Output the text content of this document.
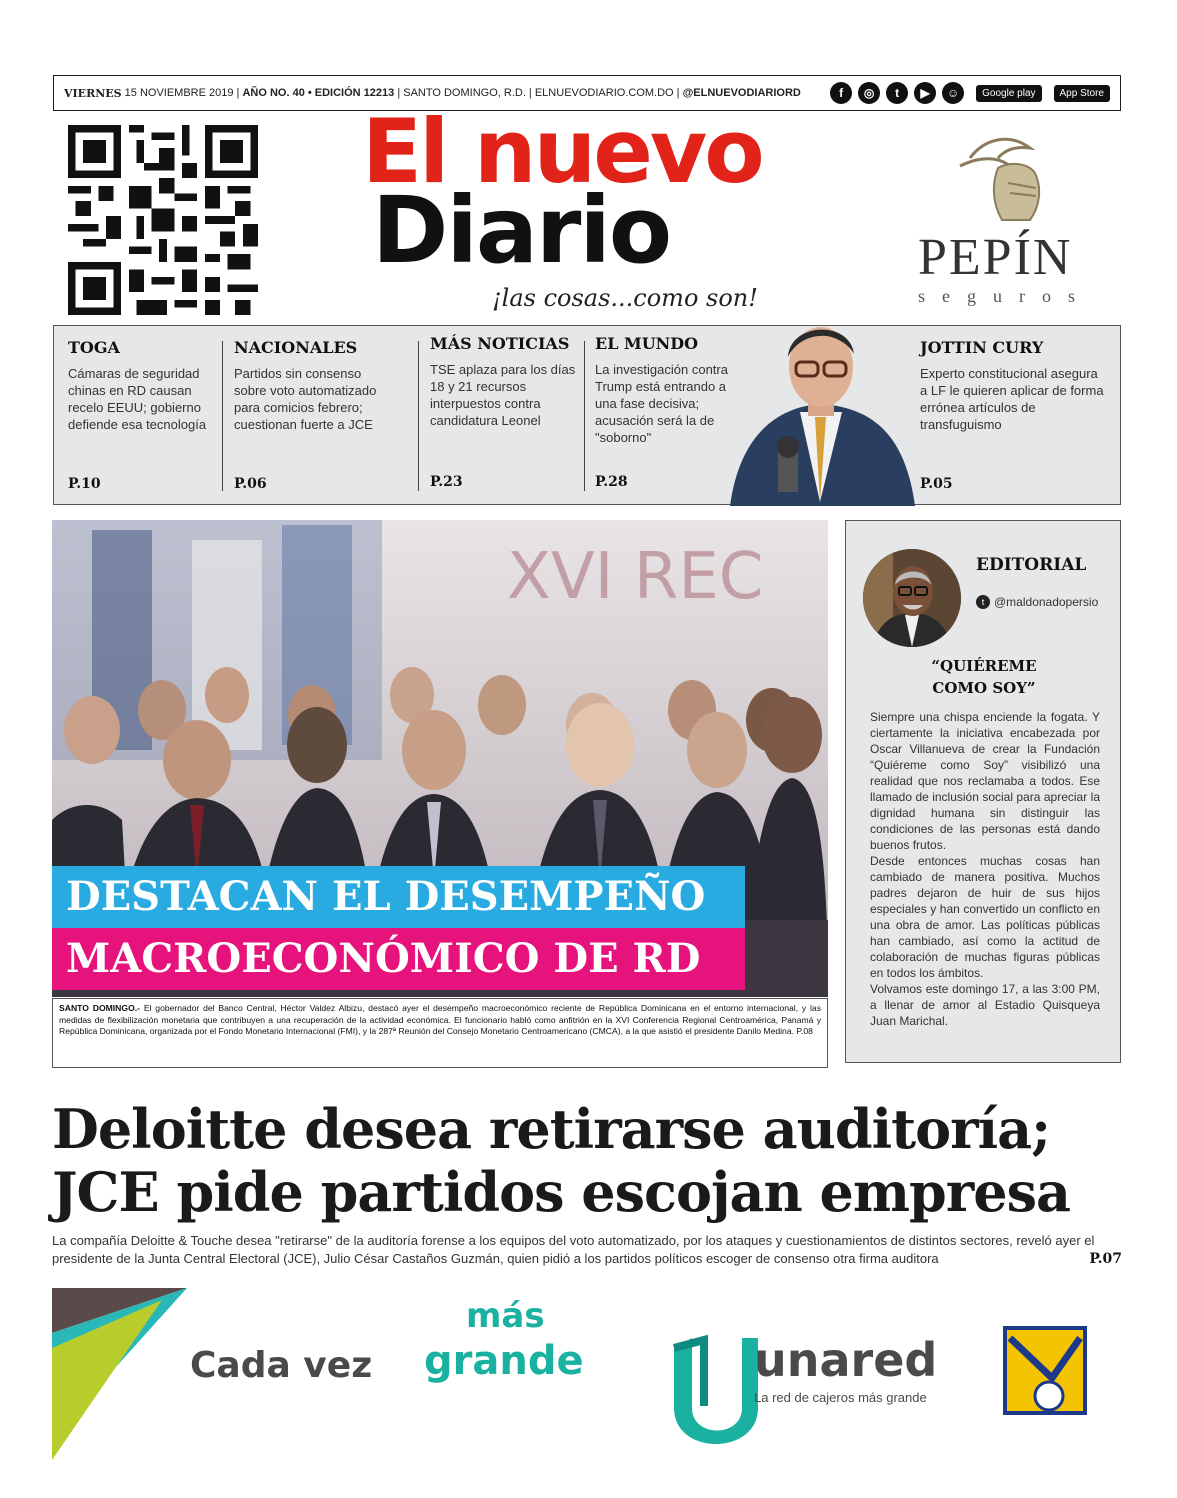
VIERNES
15 NOVIEMBRE 2019 |
AÑO NO. 40 • EDICIÓN 12213
| SANTO DOMINGO, R.D. | ELNUEVODIARIO.COM.DO |
@ELNUEVODIARIORD	f	◎	t	▶	☺	Google play	App Store
El nuevo
Diario
¡las cosas...como son!
PEPÍN
seguros
TOGA

Cámaras de seguridad chinas en RD causan recelo EEUU; gobierno defiende esa tecnología

P.10
NACIONALES

Partidos sin consenso sobre voto automatizado para comicios febrero; cuestionan fuerte a JCE

P.06
MÁS NOTICIAS

TSE aplaza para los días 18 y 21 recursos interpuestos contra candidatura Leonel

P.23
EL MUNDO

La investigación contra Trump está entrando a una fase decisiva; acusación será la de "soborno"

P.28
JOTTIN CURY

Experto constitucional asegura a LF le quieren aplicar de forma errónea artículos de transfuguismo

P.05
XVI REC
DESTACAN EL DESEMPEÑO
MACROECONÓMICO DE RD
SANTO DOMINGO.- El gobernador del Banco Central, Héctor Valdez Albizu, destacó ayer el desempeño macroeconómico reciente de República Dominicana en el entorno internacional, y las medidas de flexibilización monetaria que contribuyen a una recuperación de la actividad económica. El funcionario habló como anfitrión en la XVI Conferencia Regional Centroamérica, Panamá y República Dominicana, organizada por el Fondo Monetario Internacional (FMI), y la 287ª Reunión del Consejo Monetario Centroamericano (CMCA), a la que asistió el presidente Danilo Medina. P.08
EDITORIAL
t @maldonadopersio
“QUIÉREME
COMO SOY”

Siempre una chispa enciende la fogata. Y ciertamente la iniciativa encabezada por Oscar Villanueva de crear la Fundación “Quiéreme como Soy” visibilizó una realidad que nos reclamaba a todos. Ese llamado de inclusión social para apreciar la dignidad humana sin distinguir las condiciones de las personas está dando buenos frutos.

Desde entonces muchas cosas han cambiado de manera positiva. Muchos padres dejaron de huir de sus hijos especiales y han convertido un conflicto en una obra de amor. Las políticas públicas han cambiado, así como la actitud de colaboración de muchas figuras públicas en todos los ámbitos.

Volvamos este domingo 17, a las 3:00 PM, a llenar de amor al Estadio Quisqueya Juan Marichal.

Deloitte desea retirarse auditoría;
JCE pide partidos escojan empresa
La compañía Deloitte & Touche desea "retirarse" de la auditoría forense a los equipos del voto automatizado, por los ataques y cuestionamientos de distintos sectores, reveló ayer el presidente de la Junta Central Electoral (JCE), Julio César Castaños Guzmán, quien pidió a los partidos políticos escoger de consenso otra firma auditora	P.07
Cada vez
más
grande	unared
La red de cajeros más grande
